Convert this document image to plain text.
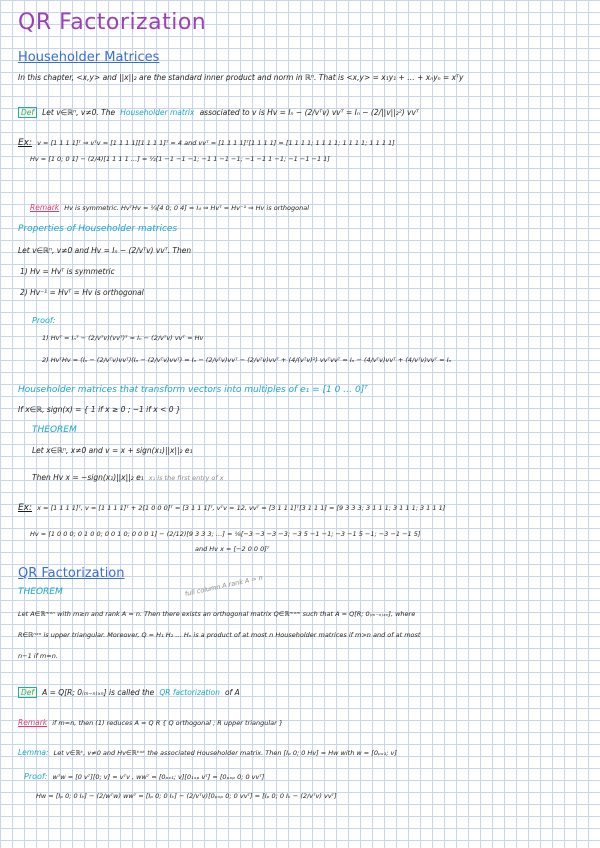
QR Factorization
Householder Matrices
In this chapter, <x,y> and ||x||₂ are the standard inner product and norm in ℝⁿ. That is <x,y> = x₁y₁ + … + xₙyₙ = xᵀy
Def Let v∈ℝⁿ, v≠0. The Householder matrix associated to v is Hv = Iₙ − (2/vᵀv) vvᵀ = Iₙ − (2/||v||₂²) vvᵀ
Ex: v = [1 1 1 1]ᵀ ⇒ vᵀv = [1 1 1 1][1 1 1 1]ᵀ = 4 and vvᵀ = [1 1 1 1]ᵀ[1 1 1 1] = [1 1 1 1; 1 1 1 1; 1 1 1 1; 1 1 1 1]
Hv = [1 0; 0 1] − (2/4)[1 1 1 1 …] = ½[1 −1 −1 −1; −1 1 −1 −1; −1 −1 1 −1; −1 −1 −1 1]
Remark Hv is symmetric. HvᵀHv = ¼[4 0; 0 4] = I₄ ⇒ Hvᵀ = Hv⁻¹ ⇒ Hv is orthogonal
Properties of Householder matrices
Let v∈ℝⁿ, v≠0 and Hv = Iₙ − (2/vᵀv) vvᵀ. Then
1) Hv = Hvᵀ is symmetric
2) Hv⁻¹ = Hvᵀ = Hv is orthogonal
Proof:
1) Hvᵀ = Iₙᵀ − (2/vᵀv)(vvᵀ)ᵀ = Iₙ − (2/vᵀv) vvᵀ = Hv
2) HvᵀHv = (Iₙ − (2/vᵀv)vvᵀ)(Iₙ − (2/vᵀv)vvᵀ) = Iₙ − (2/vᵀv)vvᵀ − (2/vᵀv)vvᵀ + (4/(vᵀv)²) vvᵀvvᵀ = Iₙ − (4/vᵀv)vvᵀ + (4/vᵀv)vvᵀ = Iₙ
Householder matrices that transform vectors into multiples of e₁ = [1 0 … 0]ᵀ
If x∈ℝ, sign(x) = { 1 if x ≥ 0 ; −1 if x < 0 }
THEOREM
Let x∈ℝⁿ, x≠0 and v = x + sign(x₁)||x||₂ e₁
Then Hv x = −sign(x₁)||x||₂ e₁ x₁ is the first entry of x
Ex: x = [1 1 1 1]ᵀ, v = [1 1 1 1]ᵀ + 2[1 0 0 0]ᵀ = [3 1 1 1]ᵀ, vᵀv = 12, vvᵀ = [3 1 1 1]ᵀ[3 1 1 1] = [9 3 3 3; 3 1 1 1; 3 1 1 1; 3 1 1 1]
Hv = [1 0 0 0; 0 1 0 0; 0 0 1 0; 0 0 0 1] − (2/12)[9 3 3 3; …] = ⅙[−3 −3 −3 −3; −3 5 −1 −1; −3 −1 5 −1; −3 −1 −1 5]
and Hv x = [−2 0 0 0]ᵀ
QR Factorization
THEOREM	full column A rank A = n
Let A∈ℝᵐˣⁿ with m≥n and rank A = n. Then there exists an orthogonal matrix Q∈ℝᵐˣᵐ such that A = Q[R; 0₍ₘ₋ₙ₎ₓₙ], where
R∈ℝⁿˣⁿ is upper triangular. Moreover, Q = H₁ H₂ … Hₙ is a product of at most n Householder matrices if m>n and of at most
n−1 if m=n.
Def A = Q[R; 0₍ₘ₋ₙ₎ₓₙ] is called the QR factorization of A
Remark if m=n, then (1) reduces A = Q R { Q orthogonal ; R upper triangular }
Lemma: Let v∈ℝᵏ, v≠0 and Hv∈ℝᵏˣᵏ the associated Householder matrix. Then [Iₚ 0; 0 Hv] = Hw with w = [0ₚₓ₁; v]
Proof: wᵀw = [0 vᵀ][0; v] = vᵀv , wwᵀ = [0ₚₓ₁; v][0₁ₓₚ vᵀ] = [0ₚₓₚ 0; 0 vvᵀ]
Hw = [Iₚ 0; 0 Iₖ] − (2/wᵀw) wwᵀ = [Iₚ 0; 0 Iₖ] − (2/vᵀv)[0ₚₓₚ 0; 0 vvᵀ] = [Iₚ 0; 0 Iₖ − (2/vᵀv) vvᵀ]
